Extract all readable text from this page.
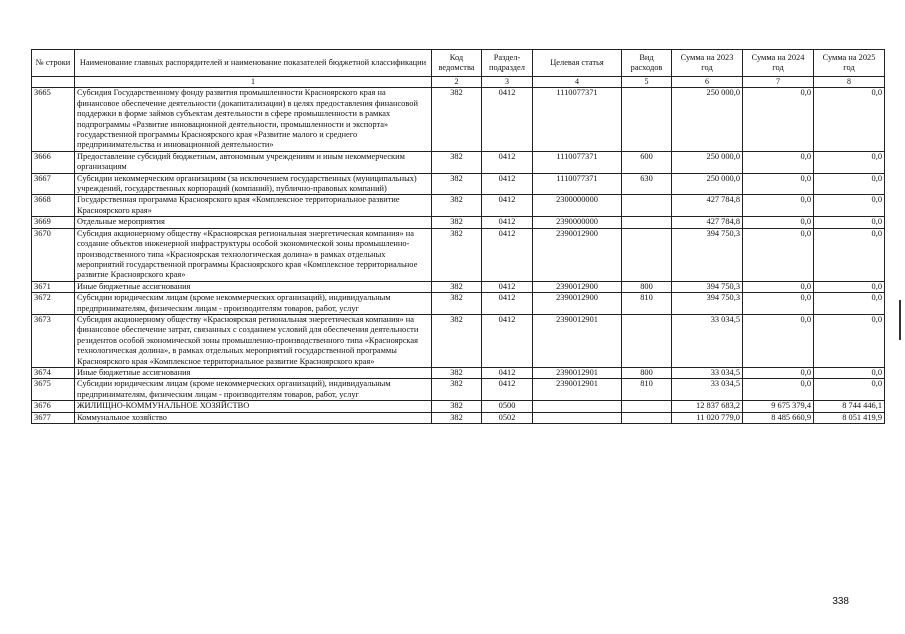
№ строки	Наименование главных распорядителей и наименование показателей бюджетной классификации	Код ведомства	Раздел-подраздел	Целевая статья	Вид расходов	Сумма на 2023 год	Сумма на 2024 год	Сумма на 2025 год
	1	2	3	4	5	6	7	8
3665	Субсидия Государственному фонду развития промышленности Красноярского края на финансовое обеспечение деятельности (докапитализации) в целях предоставления финансовой поддержки в форме займов субъектам деятельности в сфере промышленности в рамках подпрограммы «Развитие инновационной деятельности, промышленности и экспорта» государственной программы Красноярского края «Развитие малого и среднего предпринимательства и инновационной деятельности»	382	0412	1110077371		250 000,0	0,0	0,0
3666	Предоставление субсидий бюджетным, автономным учреждениям и иным некоммерческим организациям	382	0412	1110077371	600	250 000,0	0,0	0,0
3667	Субсидии некоммерческим организациям (за исключением государственных (муниципальных) учреждений, государственных корпораций (компаний), публично-правовых компаний)	382	0412	1110077371	630	250 000,0	0,0	0,0
3668	Государственная программа Красноярского края «Комплексное территориальное развитие Красноярского края»	382	0412	2300000000		427 784,8	0,0	0,0
3669	Отдельные мероприятия	382	0412	2390000000		427 784,8	0,0	0,0
3670	Субсидия акционерному обществу «Красноярская региональная энергетическая компания» на создание объектов инженерной инфраструктуры особой экономической зоны промышленно-производственного типа «Красноярская технологическая долина» в рамках отдельных мероприятий государственной программы Красноярского края «Комплексное территориальное развитие Красноярского края»	382	0412	2390012900		394 750,3	0,0	0,0
3671	Иные бюджетные ассигнования	382	0412	2390012900	800	394 750,3	0,0	0,0
3672	Субсидии юридическим лицам (кроме некоммерческих организаций), индивидуальным предпринимателям, физическим лицам - производителям товаров, работ, услуг	382	0412	2390012900	810	394 750,3	0,0	0,0
3673	Субсидия акционерному обществу «Красноярская региональная энергетическая компания» на финансовое обеспечение затрат, связанных с созданием условий для обеспечения деятельности резидентов особой экономической зоны промышленно-производственного типа «Красноярская технологическая долина», в рамках отдельных мероприятий государственной программы Красноярского края «Комплексное территориальное развитие Красноярского края»	382	0412	2390012901		33 034,5	0,0	0,0
3674	Иные бюджетные ассигнования	382	0412	2390012901	800	33 034,5	0,0	0,0
3675	Субсидии юридическим лицам (кроме некоммерческих организаций), индивидуальным предпринимателям, физическим лицам - производителям товаров, работ, услуг	382	0412	2390012901	810	33 034,5	0,0	0,0
3676	ЖИЛИЩНО-КОММУНАЛЬНОЕ ХОЗЯЙСТВО	382	0500			12 837 683,2	9 675 379,4	8 744 446,1
3677	Коммунальное хозяйство	382	0502			11 020 779,0	8 485 660,9	8 051 419,9
338
